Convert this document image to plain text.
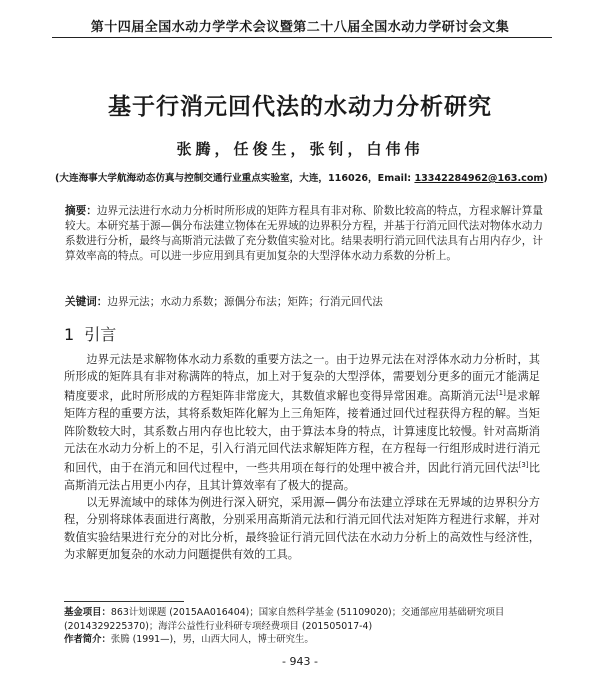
第十四届全国水动力学学术会议暨第二十八届全国水动力学研讨会文集
基于行消元回代法的水动力分析研究
张腾，任俊生，张钊，白伟伟
(大连海事大学航海动态仿真与控制交通行业重点实验室，大连，116026，Email: 13342284962@163.com)
摘要：边界元法进行水动力分析时所形成的矩阵方程具有非对称、阶数比较高的特点，方程求解计算量较大。本研究基于源—偶分布法建立物体在无界域的边界积分方程，并基于行消元回代法对物体水动力系数进行分析，最终与高斯消元法做了充分数值实验对比。结果表明行消元回代法具有占用内存少，计算效率高的特点。可以进一步应用到具有更加复杂的大型浮体水动力系数的分析上。
关键词：边界元法；水动力系数；源偶分布法；矩阵；行消元回代法
1 引言

边界元法是求解物体水动力系数的重要方法之一。由于边界元法在对浮体水动力分析时，其所形成的矩阵具有非对称满阵的特点，加上对于复杂的大型浮体，需要划分更多的面元才能满足精度要求，此时所形成的方程矩阵非常庞大，其数值求解也变得异常困难。高斯消元法[1]是求解矩阵方程的重要方法，其将系数矩阵化解为上三角矩阵，接着通过回代过程获得方程的解。当矩阵阶数较大时，其系数占用内存也比较大，由于算法本身的特点，计算速度比较慢。针对高斯消元法在水动力分析上的不足，引入行消元回代法求解矩阵方程，在方程每一行组形成时进行消元和回代，由于在消元和回代过程中，一些共用项在每行的处理中被合并，因此行消元回代法[3]比高斯消元法占用更小内存，且其计算效率有了极大的提高。

以无界流域中的球体为例进行深入研究，采用源—偶分布法建立浮球在无界域的边界积分方程，分别将球体表面进行离散，分别采用高斯消元法和行消元回代法对矩阵方程进行求解，并对数值实验结果进行充分的对比分析，最终验证行消元回代法在水动力分析上的高效性与经济性，为求解更加复杂的水动力问题提供有效的工具。

基金项目：863计划课题 (2015AA016404)；国家自然科学基金 (51109020)；交通部应用基础研究项目
(2014329225370)；海洋公益性行业科研专项经费项目 (201505017-4)
作者简介：张腾 (1991—)，男，山西大同人，博士研究生。
- 943 -
